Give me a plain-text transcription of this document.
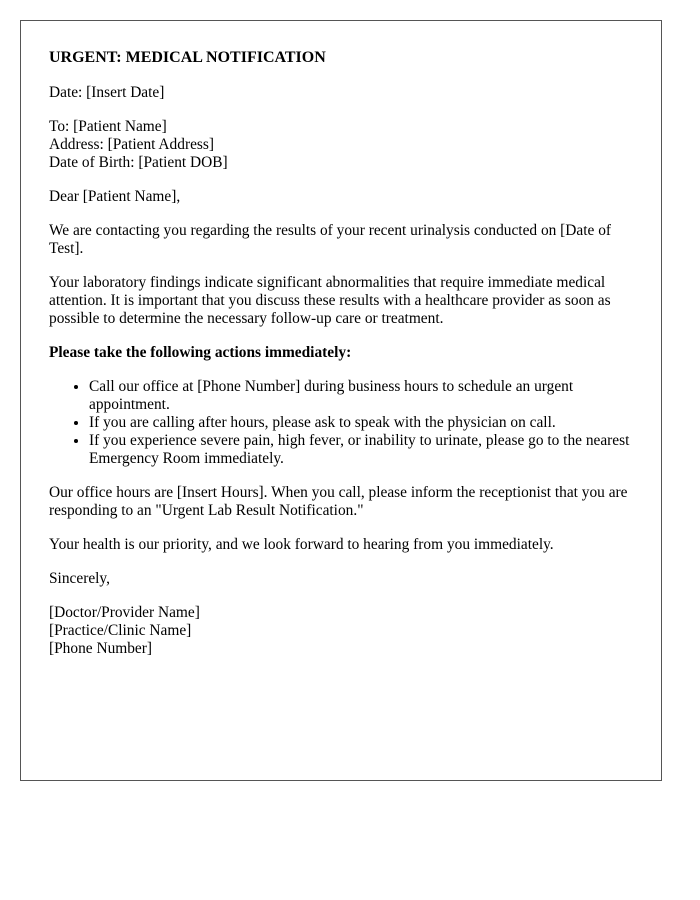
URGENT: MEDICAL NOTIFICATION
Date: [Insert Date]
To: [Patient Name]
Address: [Patient Address]
Date of Birth: [Patient DOB]
Dear [Patient Name],
We are contacting you regarding the results of your recent urinalysis conducted on [Date of Test].
Your laboratory findings indicate significant abnormalities that require immediate medical attention. It is important that you discuss these results with a healthcare provider as soon as possible to determine the necessary follow-up care or treatment.
Please take the following actions immediately:
• Call our office at [Phone Number] during business hours to schedule an urgent appointment.
• If you are calling after hours, please ask to speak with the physician on call.
• If you experience severe pain, high fever, or inability to urinate, please go to the nearest Emergency Room immediately.
Our office hours are [Insert Hours]. When you call, please inform the receptionist that you are responding to an "Urgent Lab Result Notification."
Your health is our priority, and we look forward to hearing from you immediately.
Sincerely,
[Doctor/Provider Name]
[Practice/Clinic Name]
[Phone Number]
